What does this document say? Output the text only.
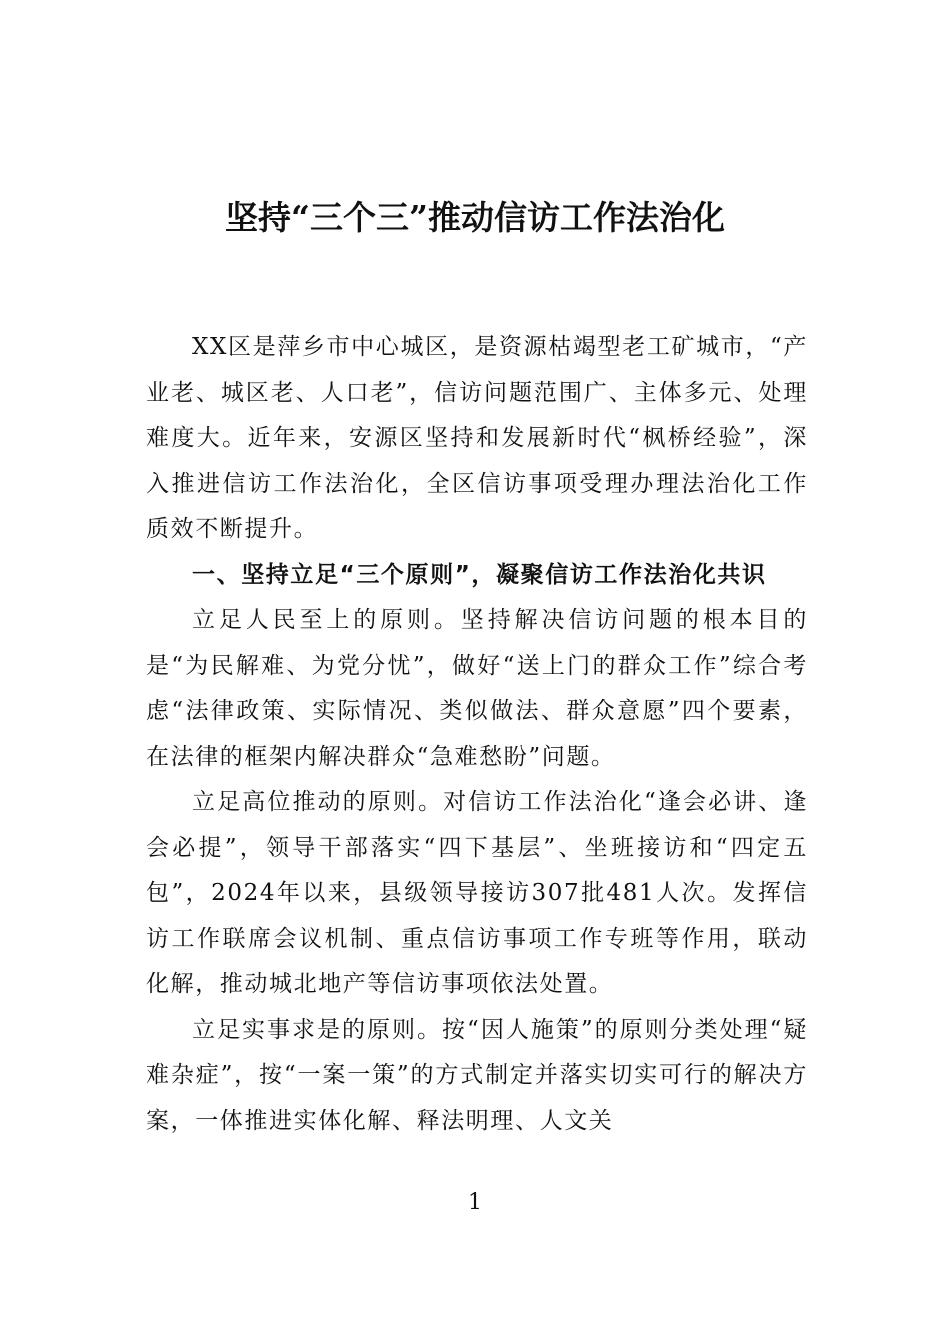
坚持“三个三”推动信访工作法治化

XX区是萍乡市中心城区，是资源枯竭型老工矿城市，“产业老、城区老、人口老”，信访问题范围广、主体多元、处理难度大。近年来，安源区坚持和发展新时代“枫桥经验”，深入推进信访工作法治化，全区信访事项受理办理法治化工作质效不断提升。

一、坚持立足“三个原则”，凝聚信访工作法治化共识

立足人民至上的原则。坚持解决信访问题的根本目的是“为民解难、为党分忧”，做好“送上门的群众工作”综合考虑“法律政策、实际情况、类似做法、群众意愿”四个要素，在法律的框架内解决群众“急难愁盼”问题。

立足高位推动的原则。对信访工作法治化“逢会必讲、逢会必提”，领导干部落实“四下基层”、坐班接访和“四定五包”，2024年以来，县级领导接访307批481人次。发挥信访工作联席会议机制、重点信访事项工作专班等作用，联动化解，推动城北地产等信访事项依法处置。

立足实事求是的原则。按“因人施策”的原则分类处理“疑难杂症”，按“一案一策”的方式制定并落实切实可行的解决方案，一体推进实体化解、释法明理、人文关

1
